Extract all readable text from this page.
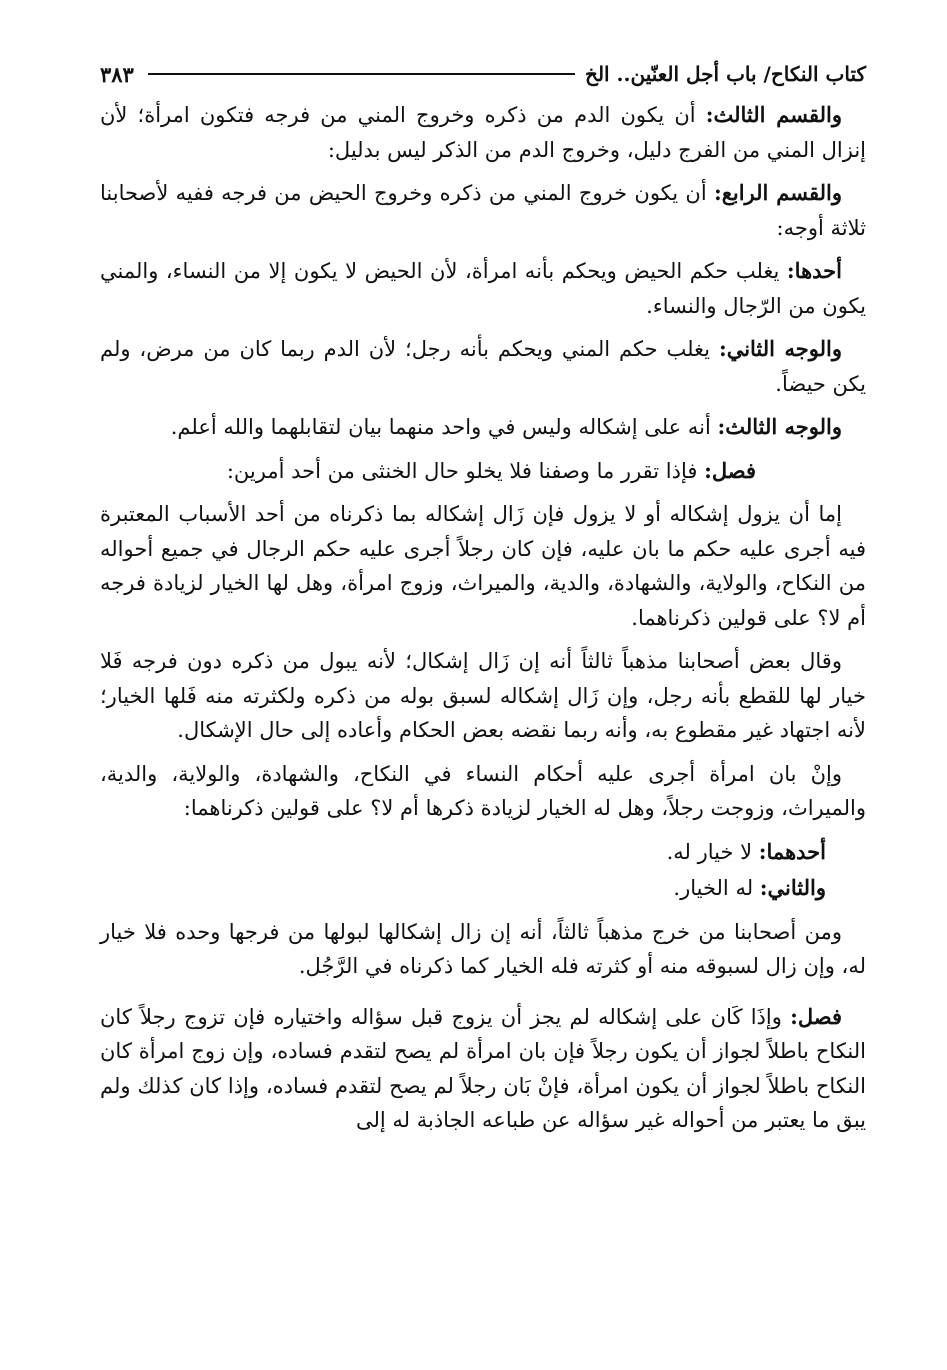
كتاب النكاح/ باب أجل العنّين.. الخ
٣٨٣

والقسم الثالث: أن يكون الدم من ذكره وخروج المني من فرجه فتكون امرأة؛ لأن إنزال المني من الفرج دليل، وخروج الدم من الذكر ليس بدليل:

والقسم الرابع: أن يكون خروج المني من ذكره وخروج الحيض من فرجه ففيه لأصحابنا ثلاثة أوجه:

أحدها: يغلب حكم الحيض ويحكم بأنه امرأة، لأن الحيض لا يكون إلا من النساء، والمني يكون من الرّجال والنساء.

والوجه الثاني: يغلب حكم المني ويحكم بأنه رجل؛ لأن الدم ربما كان من مرض، ولم يكن حيضاً.

والوجه الثالث: أنه على إشكاله وليس في واحد منهما بيان لتقابلهما والله أعلم.

فصل: فإذا تقرر ما وصفنا فلا يخلو حال الخنثى من أحد أمرين:

إما أن يزول إشكاله أو لا يزول فإن زَال إشكاله بما ذكرناه من أحد الأسباب المعتبرة فيه أجرى عليه حكم ما بان عليه، فإن كان رجلاً أجرى عليه حكم الرجال في جميع أحواله من النكاح، والولاية، والشهادة، والدية، والميراث، وزوج امرأة، وهل لها الخيار لزيادة فرجه أم لا؟ على قولين ذكرناهما.

وقال بعض أصحابنا مذهباً ثالثاً أنه إن زَال إشكال؛ لأنه يبول من ذكره دون فرجه فَلا خيار لها للقطع بأنه رجل، وإن زَال إشكاله لسبق بوله من ذكره ولكثرته منه فَلها الخيار؛ لأنه اجتهاد غير مقطوع به، وأنه ربما نقضه بعض الحكام وأعاده إلى حال الإشكال.

وإنْ بان امرأة أجرى عليه أحكام النساء في النكاح، والشهادة، والولاية، والدية، والميراث، وزوجت رجلاً، وهل له الخيار لزيادة ذكرها أم لا؟ على قولين ذكرناهما:

أحدهما: لا خيار له.

والثاني: له الخيار.

ومن أصحابنا من خرج مذهباً ثالثاً، أنه إن زال إشكالها لبولها من فرجها وحده فلا خيار له، وإن زال لسبوقه منه أو كثرته فله الخيار كما ذكرناه في الرَّجُل.

فصل: وإذَا كَان على إشكاله لم يجز أن يزوج قبل سؤاله واختياره فإن تزوج رجلاً كان النكاح باطلاً لجواز أن يكون رجلاً فإن بان امرأة لم يصح لتقدم فساده، وإن زوج امرأة كان النكاح باطلاً لجواز أن يكون امرأة، فإنْ بَان رجلاً لم يصح لتقدم فساده، وإذا كان كذلك ولم يبق ما يعتبر من أحواله غير سؤاله عن طباعه الجاذبة له إلى
